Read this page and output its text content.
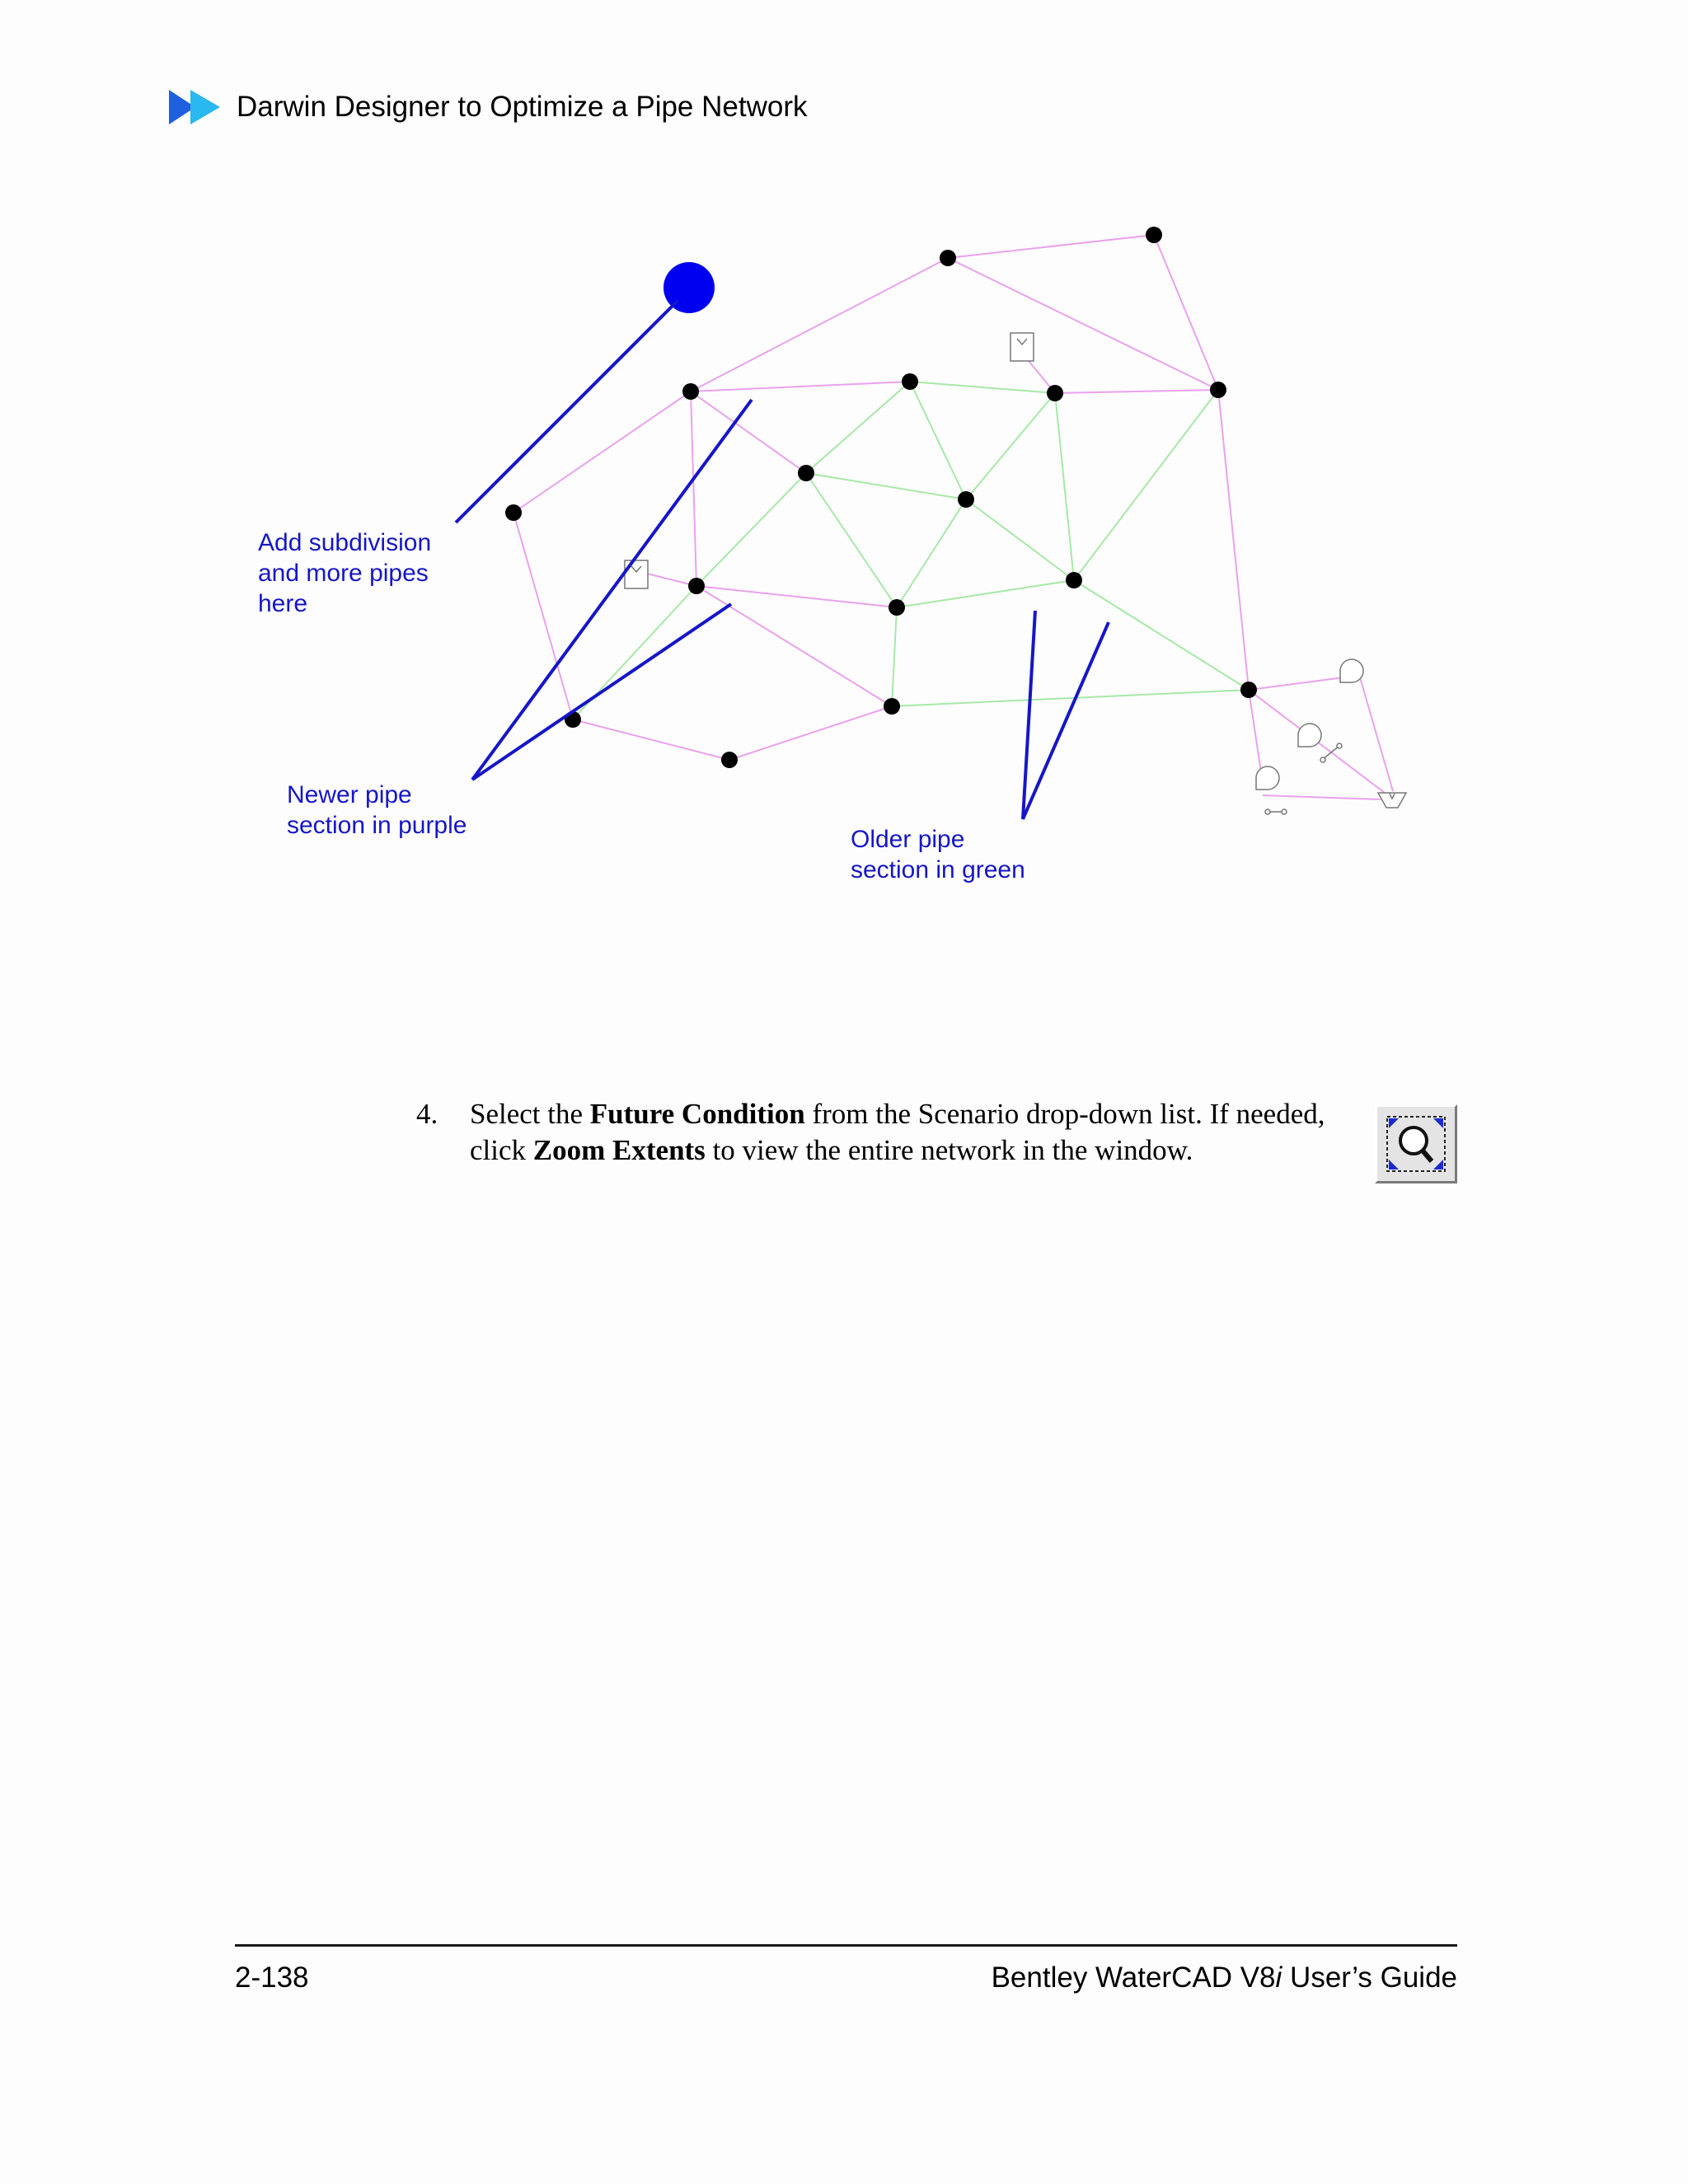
Darwin Designer to Optimize a Pipe Network
Add subdivision and more pipes here
Newer pipe section in purple
Older pipe section in green
4.	Select the Future Condition from the Scenario drop-down list. If needed, click Zoom Extents to view the entire network in the window.
2-138	Bentley WaterCAD V8i User’s Guide
